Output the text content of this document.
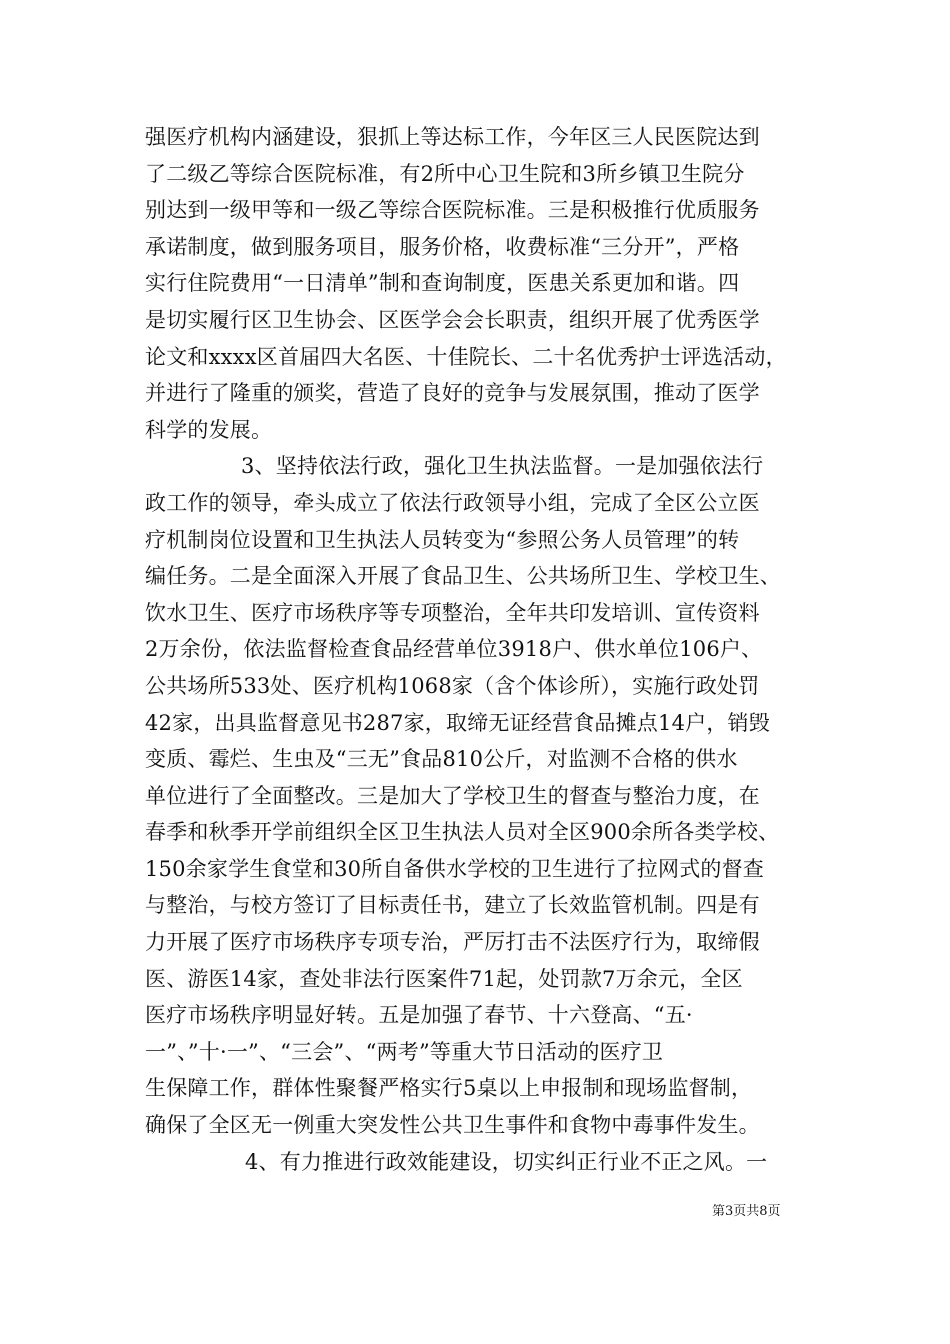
强医疗机构内涵建设，狠抓上等达标工作，今年区三人民医院达到
了二级乙等综合医院标准，有2所中心卫生院和3所乡镇卫生院分
别达到一级甲等和一级乙等综合医院标准。三是积极推行优质服务
承诺制度，做到服务项目，服务价格，收费标准“三分开”，严格
实行住院费用“一日清单”制和查询制度，医患关系更加和谐。四
是切实履行区卫生协会、区医学会会长职责，组织开展了优秀医学
论文和xxxx区首届四大名医、十佳院长、二十名优秀护士评选活动，
并进行了隆重的颁奖，营造了良好的竞争与发展氛围，推动了医学
科学的发展。
3、坚持依法行政，强化卫生执法监督。一是加强依法行
政工作的领导，牵头成立了依法行政领导小组，完成了全区公立医
疗机制岗位设置和卫生执法人员转变为“参照公务人员管理”的转
编任务。二是全面深入开展了食品卫生、公共场所卫生、学校卫生、
饮水卫生、医疗市场秩序等专项整治，全年共印发培训、宣传资料
2万余份，依法监督检查食品经营单位3918户、供水单位106户、
公共场所533处、医疗机构1068家（含个体诊所），实施行政处罚
42家，出具监督意见书287家，取缔无证经营食品摊点14户，销毁
变质、霉烂、生虫及“三无”食品810公斤，对监测不合格的供水
单位进行了全面整改。三是加大了学校卫生的督查与整治力度，在
春季和秋季开学前组织全区卫生执法人员对全区900余所各类学校、
150余家学生食堂和30所自备供水学校的卫生进行了拉网式的督查
与整治，与校方签订了目标责任书，建立了长效监管机制。四是有
力开展了医疗市场秩序专项专治，严厉打击不法医疗行为，取缔假
医、游医14家，查处非法行医案件71起，处罚款7万余元，全区
医疗市场秩序明显好转。五是加强了春节、十六登高、“五·
一”、”十·一”、“三会”、“两考”等重大节日活动的医疗卫
生保障工作，群体性聚餐严格实行5桌以上申报制和现场监督制，
确保了全区无一例重大突发性公共卫生事件和食物中毒事件发生。
4、有力推进行政效能建设，切实纠正行业不正之风。一
第3页共8页
